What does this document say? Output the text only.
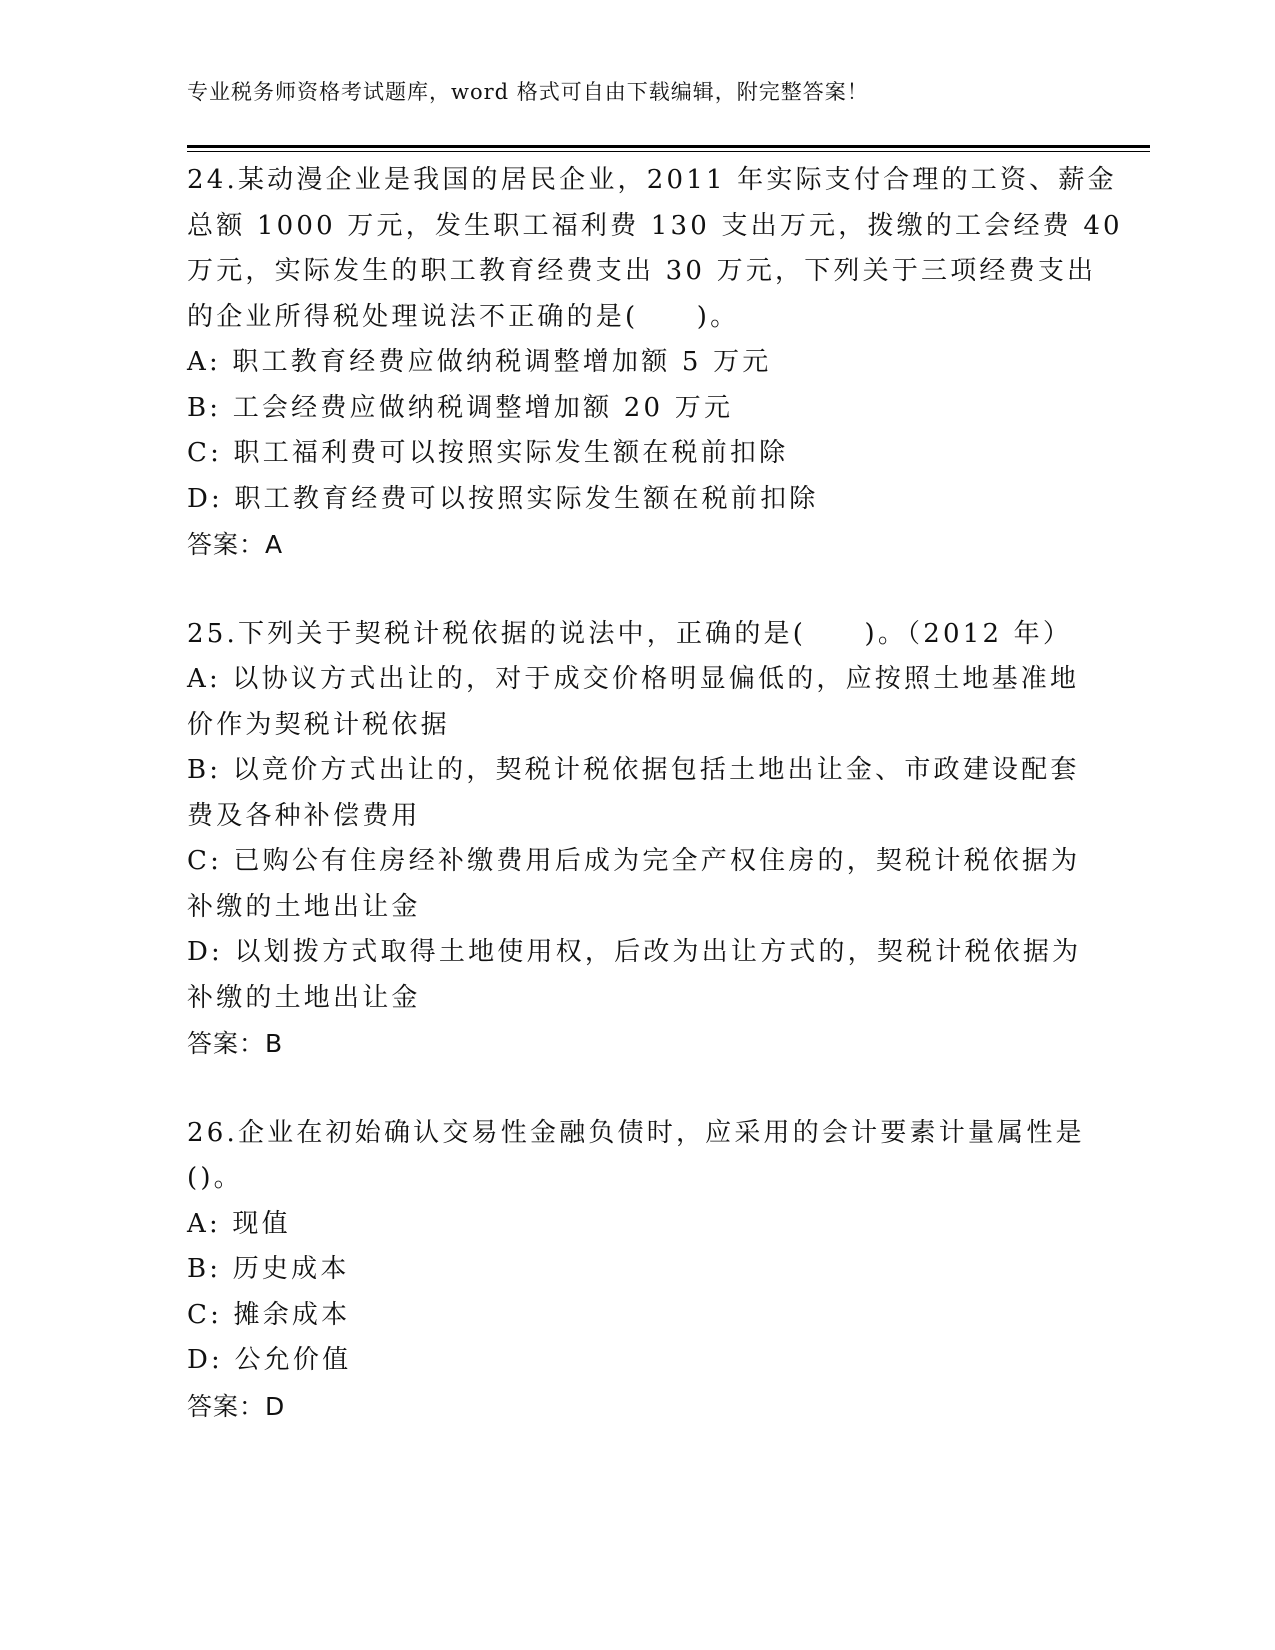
专业税务师资格考试题库，word 格式可自由下载编辑，附完整答案！
24.某动漫企业是我国的居民企业，2011 年实际支付合理的工资、薪金
总额 1000 万元，发生职工福利费 130 支出万元，拨缴的工会经费 40
万元，实际发生的职工教育经费支出 30 万元，下列关于三项经费支出
的企业所得税处理说法不正确的是(　　)。
A: 职工教育经费应做纳税调整增加额 5 万元
B: 工会经费应做纳税调整增加额 20 万元
C: 职工福利费可以按照实际发生额在税前扣除
D: 职工教育经费可以按照实际发生额在税前扣除
答案：A
25.下列关于契税计税依据的说法中，正确的是(　　)。（2012 年）
A: 以协议方式出让的，对于成交价格明显偏低的，应按照土地基准地
价作为契税计税依据
B: 以竞价方式出让的，契税计税依据包括土地出让金、市政建设配套
费及各种补偿费用
C: 已购公有住房经补缴费用后成为完全产权住房的，契税计税依据为
补缴的土地出让金
D: 以划拨方式取得土地使用权，后改为出让方式的，契税计税依据为
补缴的土地出让金
答案：B
26.企业在初始确认交易性金融负债时，应采用的会计要素计量属性是
()。
A: 现值
B: 历史成本
C: 摊余成本
D: 公允价值
答案：D
